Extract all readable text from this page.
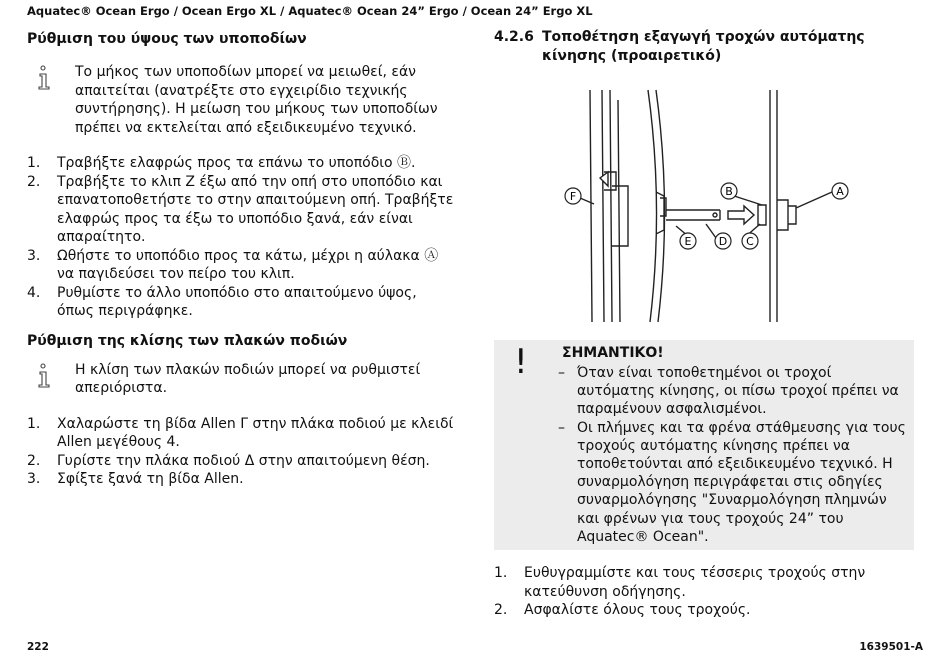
Aquatec® Ocean Ergo / Ocean Ergo XL / Aquatec® Ocean 24” Ergo / Ocean 24” Ergo XL
Ρύθμιση του ύψους των υποποδίων
Το μήκος των υποποδίων μπορεί να μειωθεί, εάν απαιτείται (ανατρέξτε στο εγχειρίδιο τεχνικής συντήρησης). Η μείωση του μήκους των υποποδίων πρέπει να εκτελείται από εξειδικευμένο τεχνικό.
1. Τραβήξτε ελαφρώς προς τα επάνω το υποπόδιο Ⓑ.
2. Τραβήξτε το κλιπ Z έξω από την οπή στο υποπόδιο και επανατοποθετήστε το στην απαιτούμενη οπή. Τραβήξτε ελαφρώς προς τα έξω το υποπόδιο ξανά, εάν είναι απαραίτητο.
3. Ωθήστε το υποπόδιο προς τα κάτω, μέχρι η αύλακα Ⓐ να παγιδεύσει τον πείρο του κλιπ.
4. Ρυθμίστε το άλλο υποπόδιο στο απαιτούμενο ύψος, όπως περιγράφηκε.
Ρύθμιση της κλίσης των πλακών ποδιών
Η κλίση των πλακών ποδιών μπορεί να ρυθμιστεί απεριόριστα.
1. Χαλαρώστε τη βίδα Allen Γ στην πλάκα ποδιού με κλειδί Allen μεγέθους 4.
2. Γυρίστε την πλάκα ποδιού Δ στην απαιτούμενη θέση.
3. Σφίξτε ξανά τη βίδα Allen.
4.2.6 Τοποθέτηση εξαγωγή τροχών αυτόματης κίνησης (προαιρετικό)
F
E D C
B	A
! ΣΗΜΑΝΤΙΚΟ!
– Όταν είναι τοποθετημένοι οι τροχοί αυτόματης κίνησης, οι πίσω τροχοί πρέπει να παραμένουν ασφαλισμένοι.
– Οι πλήμνες και τα φρένα στάθμευσης για τους τροχούς αυτόματης κίνησης πρέπει να τοποθετούνται από εξειδικευμένο τεχνικό. Η συναρμολόγηση περιγράφεται στις οδηγίες συναρμολόγησης "Συναρμολόγηση πλημνών και φρένων για τους τροχούς 24” του Aquatec® Ocean".
1. Ευθυγραμμίστε και τους τέσσερις τροχούς στην κατεύθυνση οδήγησης.
2. Ασφαλίστε όλους τους τροχούς.
222	1639501-A
